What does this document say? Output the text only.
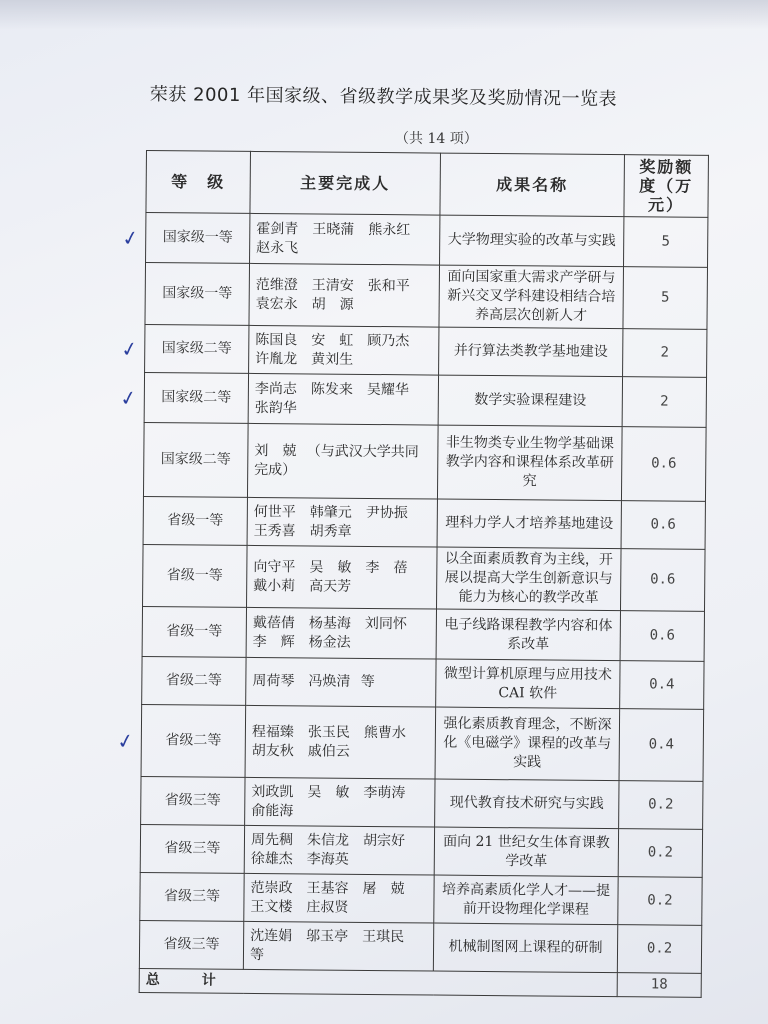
荣获 2001 年国家级、省级教学成果奖及奖励情况一览表
（共 14 项）
等　级	主要完成人	成果名称	奖励额度（万元）
国家级一等	霍剑青　王晓蒲　熊永红 赵永飞	大学物理实验的改革与实践	5
国家级一等	范维澄　王清安　张和平 袁宏永　胡　源	面向国家重大需求产学研与新兴交叉学科建设相结合培养高层次创新人才	5
国家级二等	陈国良　安　虹　顾乃杰 许胤龙　黄刘生	并行算法类教学基地建设	2
国家级二等	李尚志　陈发来　吴耀华 张韵华	数学实验课程建设	2
国家级二等	刘　兢 （与武汉大学共同完成）	非生物类专业生物学基础课教学内容和课程体系改革研究	0.6
省级一等	何世平　韩肇元　尹协振 王秀喜　胡秀章	理科力学人才培养基地建设	0.6
省级一等	向守平　吴　敏　李　蓓 戴小莉　高天芳	以全面素质教育为主线，开展以提高大学生创新意识与能力为核心的教学改革	0.6
省级一等	戴蓓倩　杨基海　刘同怀 李　辉　杨金法	电子线路课程教学内容和体系改革	0.6
省级二等	周荷琴　冯焕清 等	微型计算机原理与应用技术 CAI 软件	0.4
省级二等	程福臻　张玉民　熊曹水 胡友秋　戚伯云	强化素质教育理念，不断深化《电磁学》课程的改革与实践	0.4
省级三等	刘政凯　吴　敏　李萌涛 俞能海	现代教育技术研究与实践	0.2
省级三等	周先稠　朱信龙　胡宗好 徐雄杰　李海英	面向 21 世纪女生体育课教学改革	0.2
省级三等	范崇政　王基容　屠　兢 王文楼　庄叔贤	培养高素质化学人才——提前开设物理化学课程	0.2
省级三等	沈连娟　邬玉亭　王琪民 等	机械制图网上课程的研制	0.2
总　计			18
✓
✓
✓
✓
